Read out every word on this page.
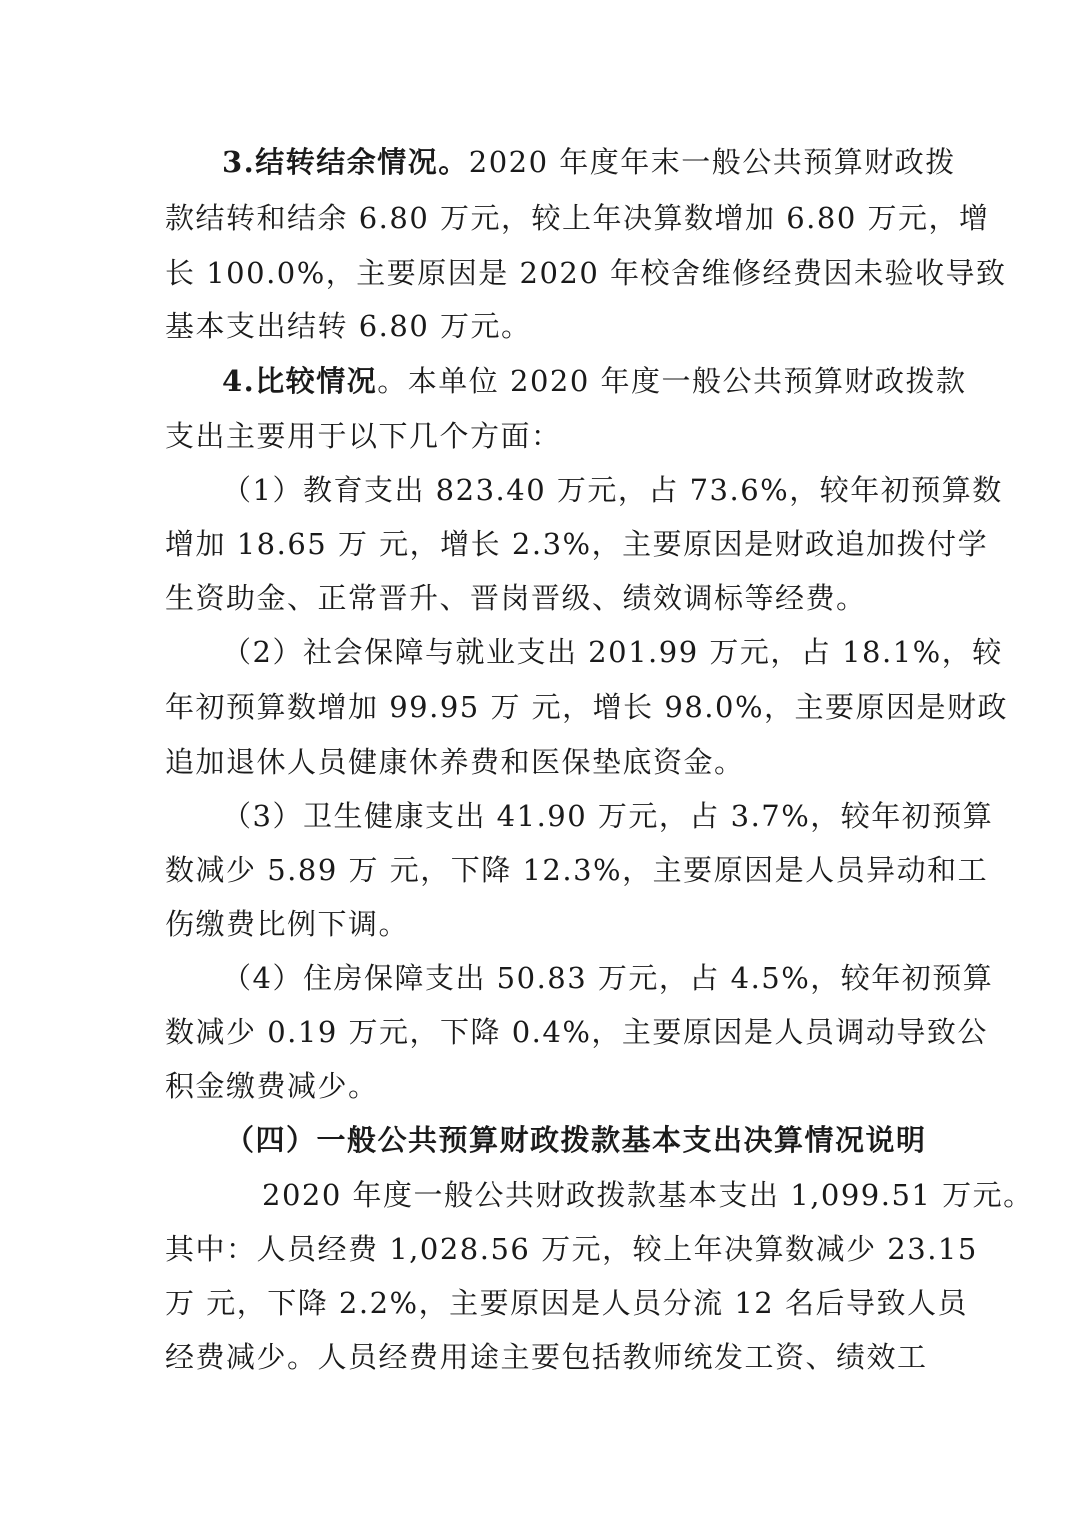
3.结转结余情况。2020 年度年末一般公共预算财政拨
款结转和结余 6.80 万元，较上年决算数增加 6.80 万元，增
长 100.0%，主要原因是 2020 年校舍维修经费因未验收导致
基本支出结转 6.80 万元。
4.比较情况。本单位 2020 年度一般公共预算财政拨款
支出主要用于以下几个方面：
（1）教育支出 823.40 万元，占 73.6%，较年初预算数
增加 18.65 万 元，增长 2.3%，主要原因是财政追加拨付学
生资助金、正常晋升、晋岗晋级、绩效调标等经费。
（2）社会保障与就业支出 201.99 万元，占 18.1%，较
年初预算数增加 99.95 万 元，增长 98.0%，主要原因是财政
追加退休人员健康休养费和医保垫底资金。
（3）卫生健康支出 41.90 万元，占 3.7%，较年初预算
数减少 5.89 万 元，下降 12.3%，主要原因是人员异动和工
伤缴费比例下调。
（4）住房保障支出 50.83 万元，占 4.5%，较年初预算
数减少 0.19 万元，下降 0.4%，主要原因是人员调动导致公
积金缴费减少。
（四）一般公共预算财政拨款基本支出决算情况说明
2020 年度一般公共财政拨款基本支出 1,099.51 万元。
其中：人员经费 1,028.56 万元，较上年决算数减少 23.15
万 元，下降 2.2%，主要原因是人员分流 12 名后导致人员
经费减少。人员经费用途主要包括教师统发工资、绩效工
